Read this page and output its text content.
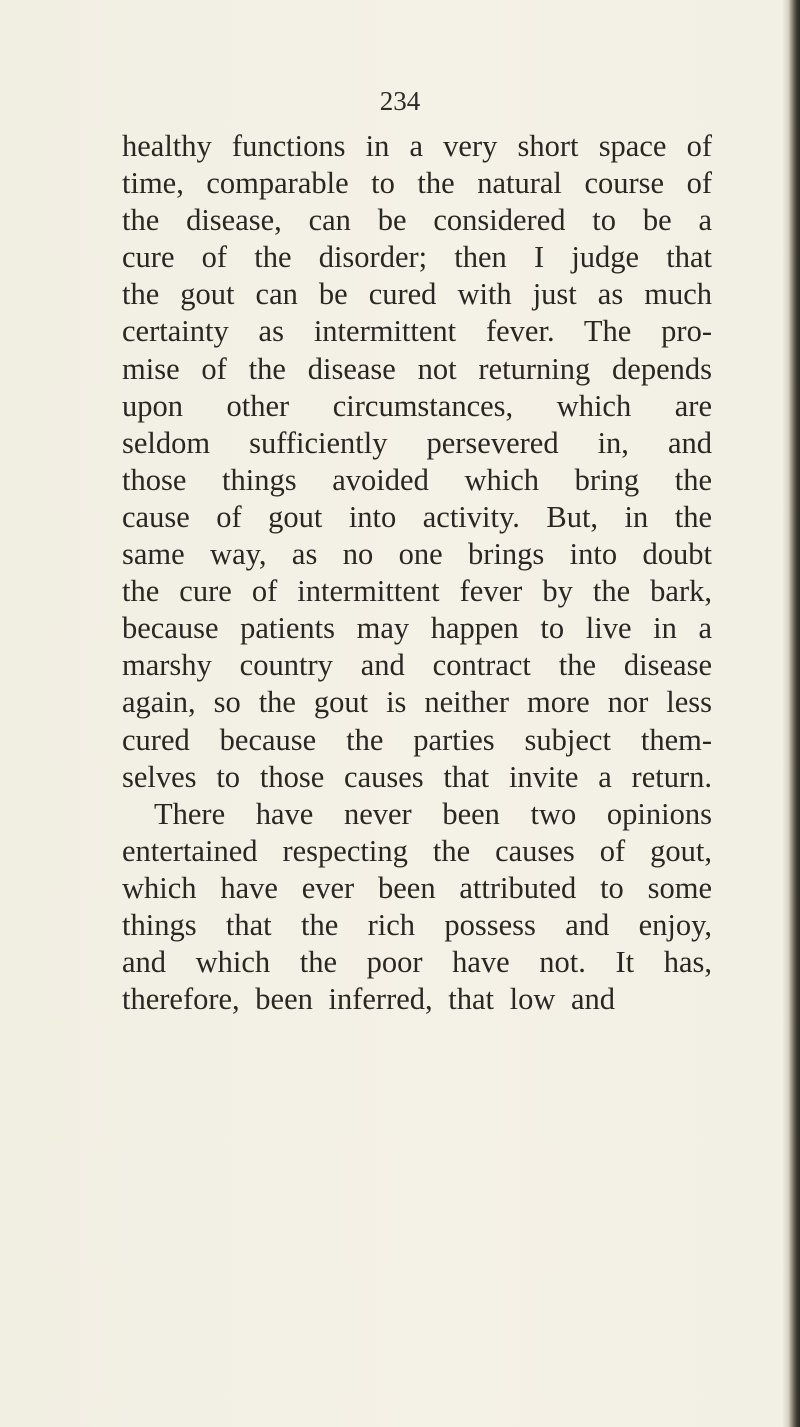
234
healthy functions in a very short space of
time, comparable to the natural course of
the disease, can be considered to be a
cure of the disorder; then I judge that
the gout can be cured with just as much
certainty as intermittent fever. The pro-
mise of the disease not returning depends
upon other circumstances, which are
seldom sufficiently persevered in, and
those things avoided which bring the
cause of gout into activity. But, in the
same way, as no one brings into doubt
the cure of intermittent fever by the bark,
because patients may happen to live in a
marshy country and contract the disease
again, so the gout is neither more nor less
cured because the parties subject them-
selves to those causes that invite a return.
There have never been two opinions
entertained respecting the causes of gout,
which have ever been attributed to some
things that the rich possess and enjoy,
and which the poor have not. It has,
therefore, been inferred, that low and
